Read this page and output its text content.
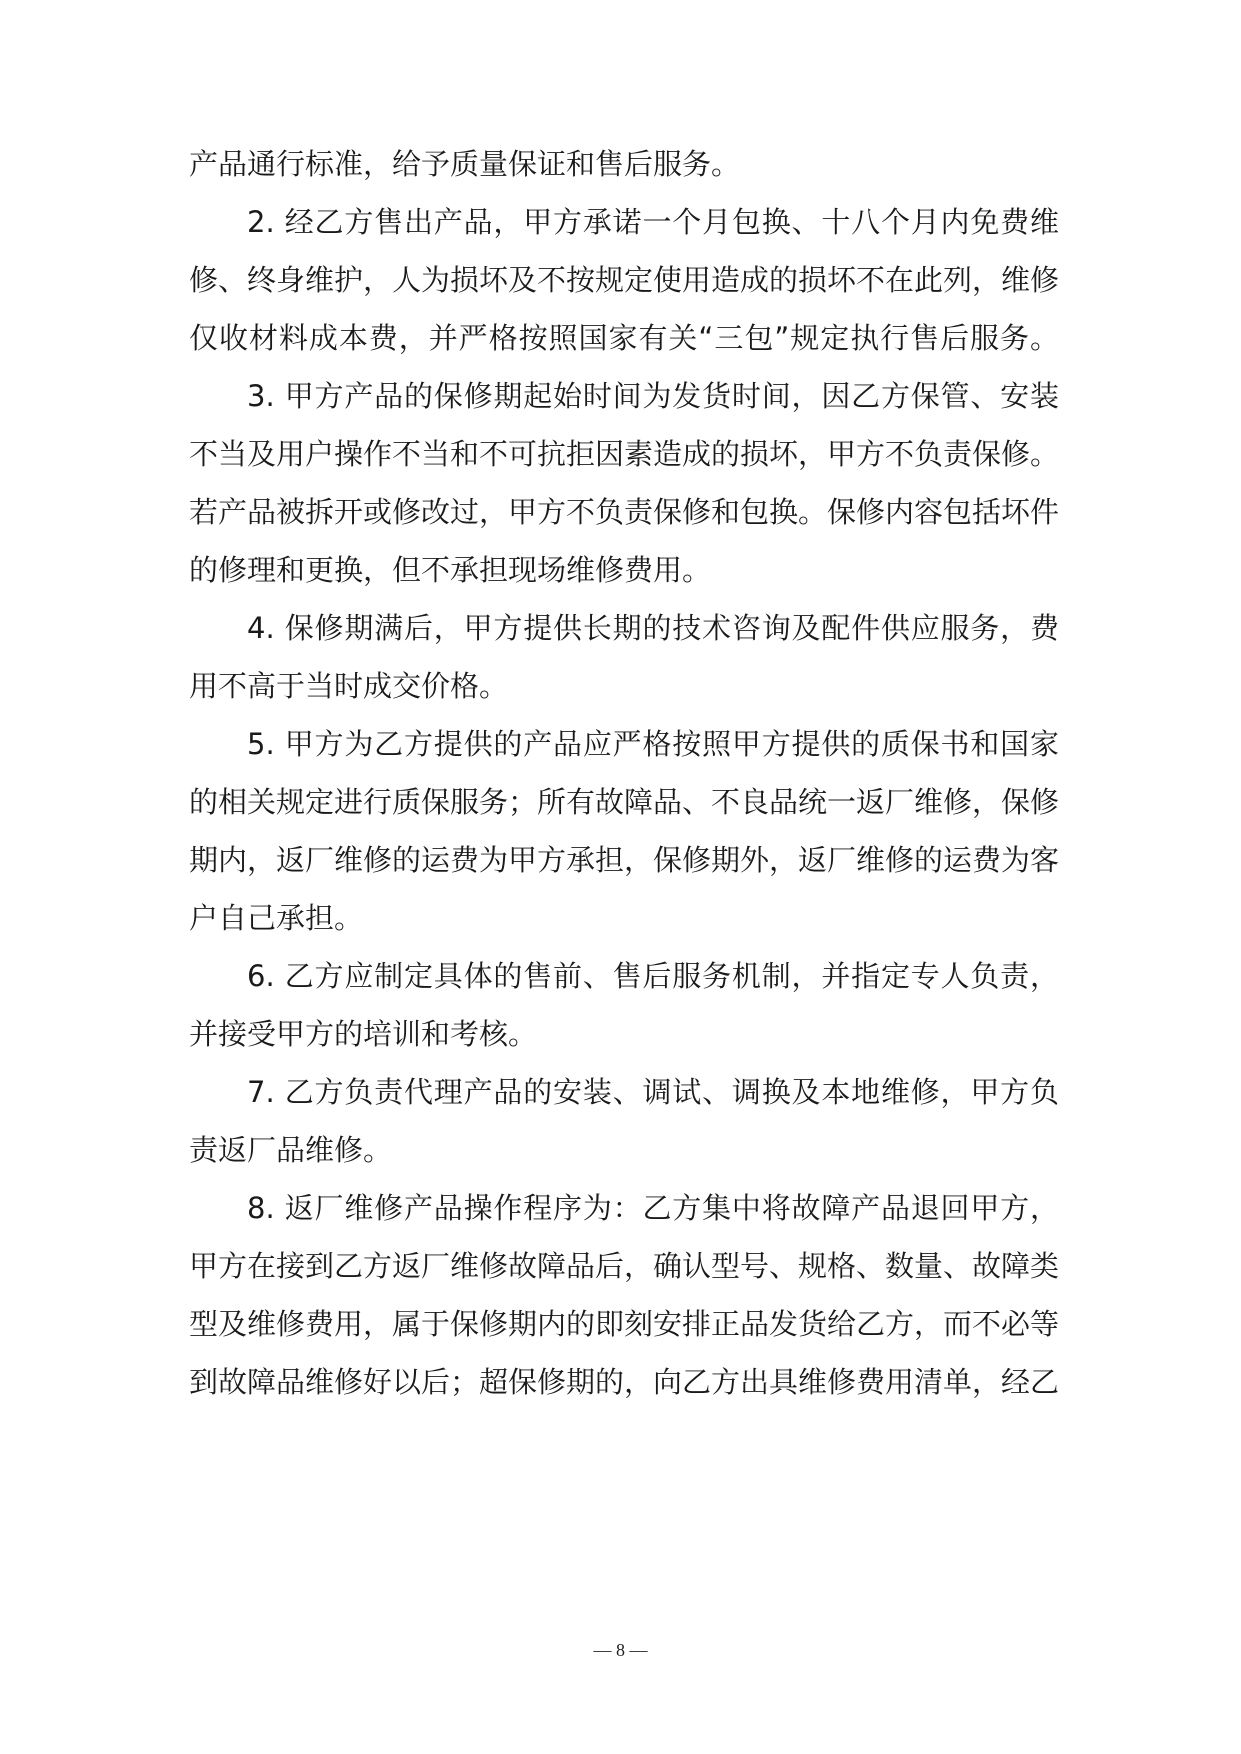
产品通行标准，给予质量保证和售后服务。
2. 经乙方售出产品，甲方承诺一个月包换、十八个月内免费维
修、终身维护，人为损坏及不按规定使用造成的损坏不在此列，维修
仅收材料成本费，并严格按照国家有关“三包”规定执行售后服务。
3. 甲方产品的保修期起始时间为发货时间，因乙方保管、安装
不当及用户操作不当和不可抗拒因素造成的损坏，甲方不负责保修。
若产品被拆开或修改过，甲方不负责保修和包换。保修内容包括坏件
的修理和更换，但不承担现场维修费用。
4. 保修期满后，甲方提供长期的技术咨询及配件供应服务，费
用不高于当时成交价格。
5. 甲方为乙方提供的产品应严格按照甲方提供的质保书和国家
的相关规定进行质保服务；所有故障品、不良品统一返厂维修，保修
期内，返厂维修的运费为甲方承担，保修期外，返厂维修的运费为客
户自己承担。
6. 乙方应制定具体的售前、售后服务机制，并指定专人负责，
并接受甲方的培训和考核。
7. 乙方负责代理产品的安装、调试、调换及本地维修，甲方负
责返厂品维修。
8. 返厂维修产品操作程序为：乙方集中将故障产品退回甲方，
甲方在接到乙方返厂维修故障品后，确认型号、规格、数量、故障类
型及维修费用，属于保修期内的即刻安排正品发货给乙方，而不必等
到故障品维修好以后；超保修期的，向乙方出具维修费用清单，经乙
— 8 —
